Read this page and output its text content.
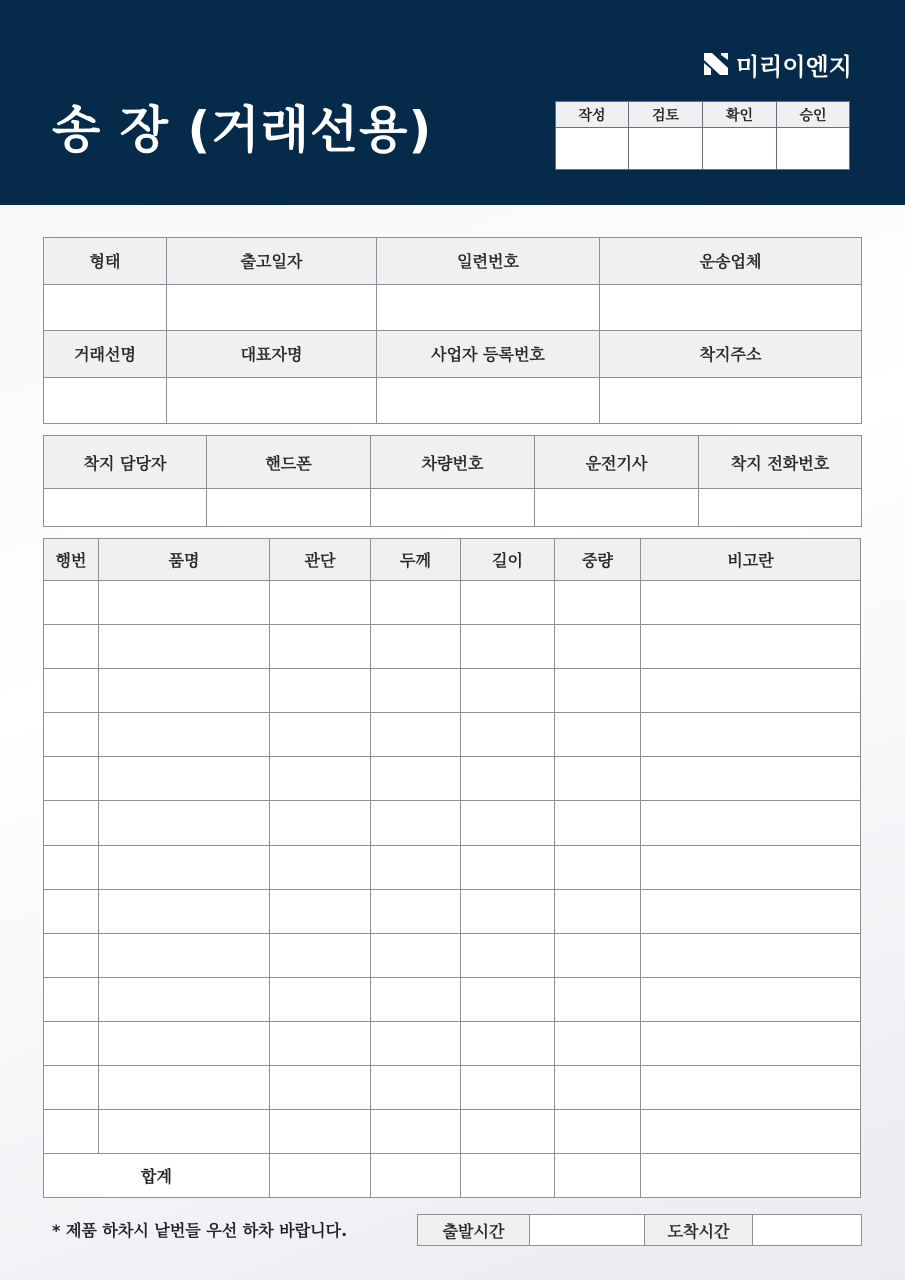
송 장 (거래선용)
미리이엔지
작성	검토	확인	승인

형태	출고일자	일련번호	운송업체

거래선명	대표자명	사업자 등록번호	착지주소

착지 담당자	핸드폰	차량번호	운전기사	착지 전화번호

행번	품명	관단	두께	길이	중량	비고란

합계						
* 제품 하차시 낱번들 우선 하차 바랍니다.	출발시간		도착시간	
